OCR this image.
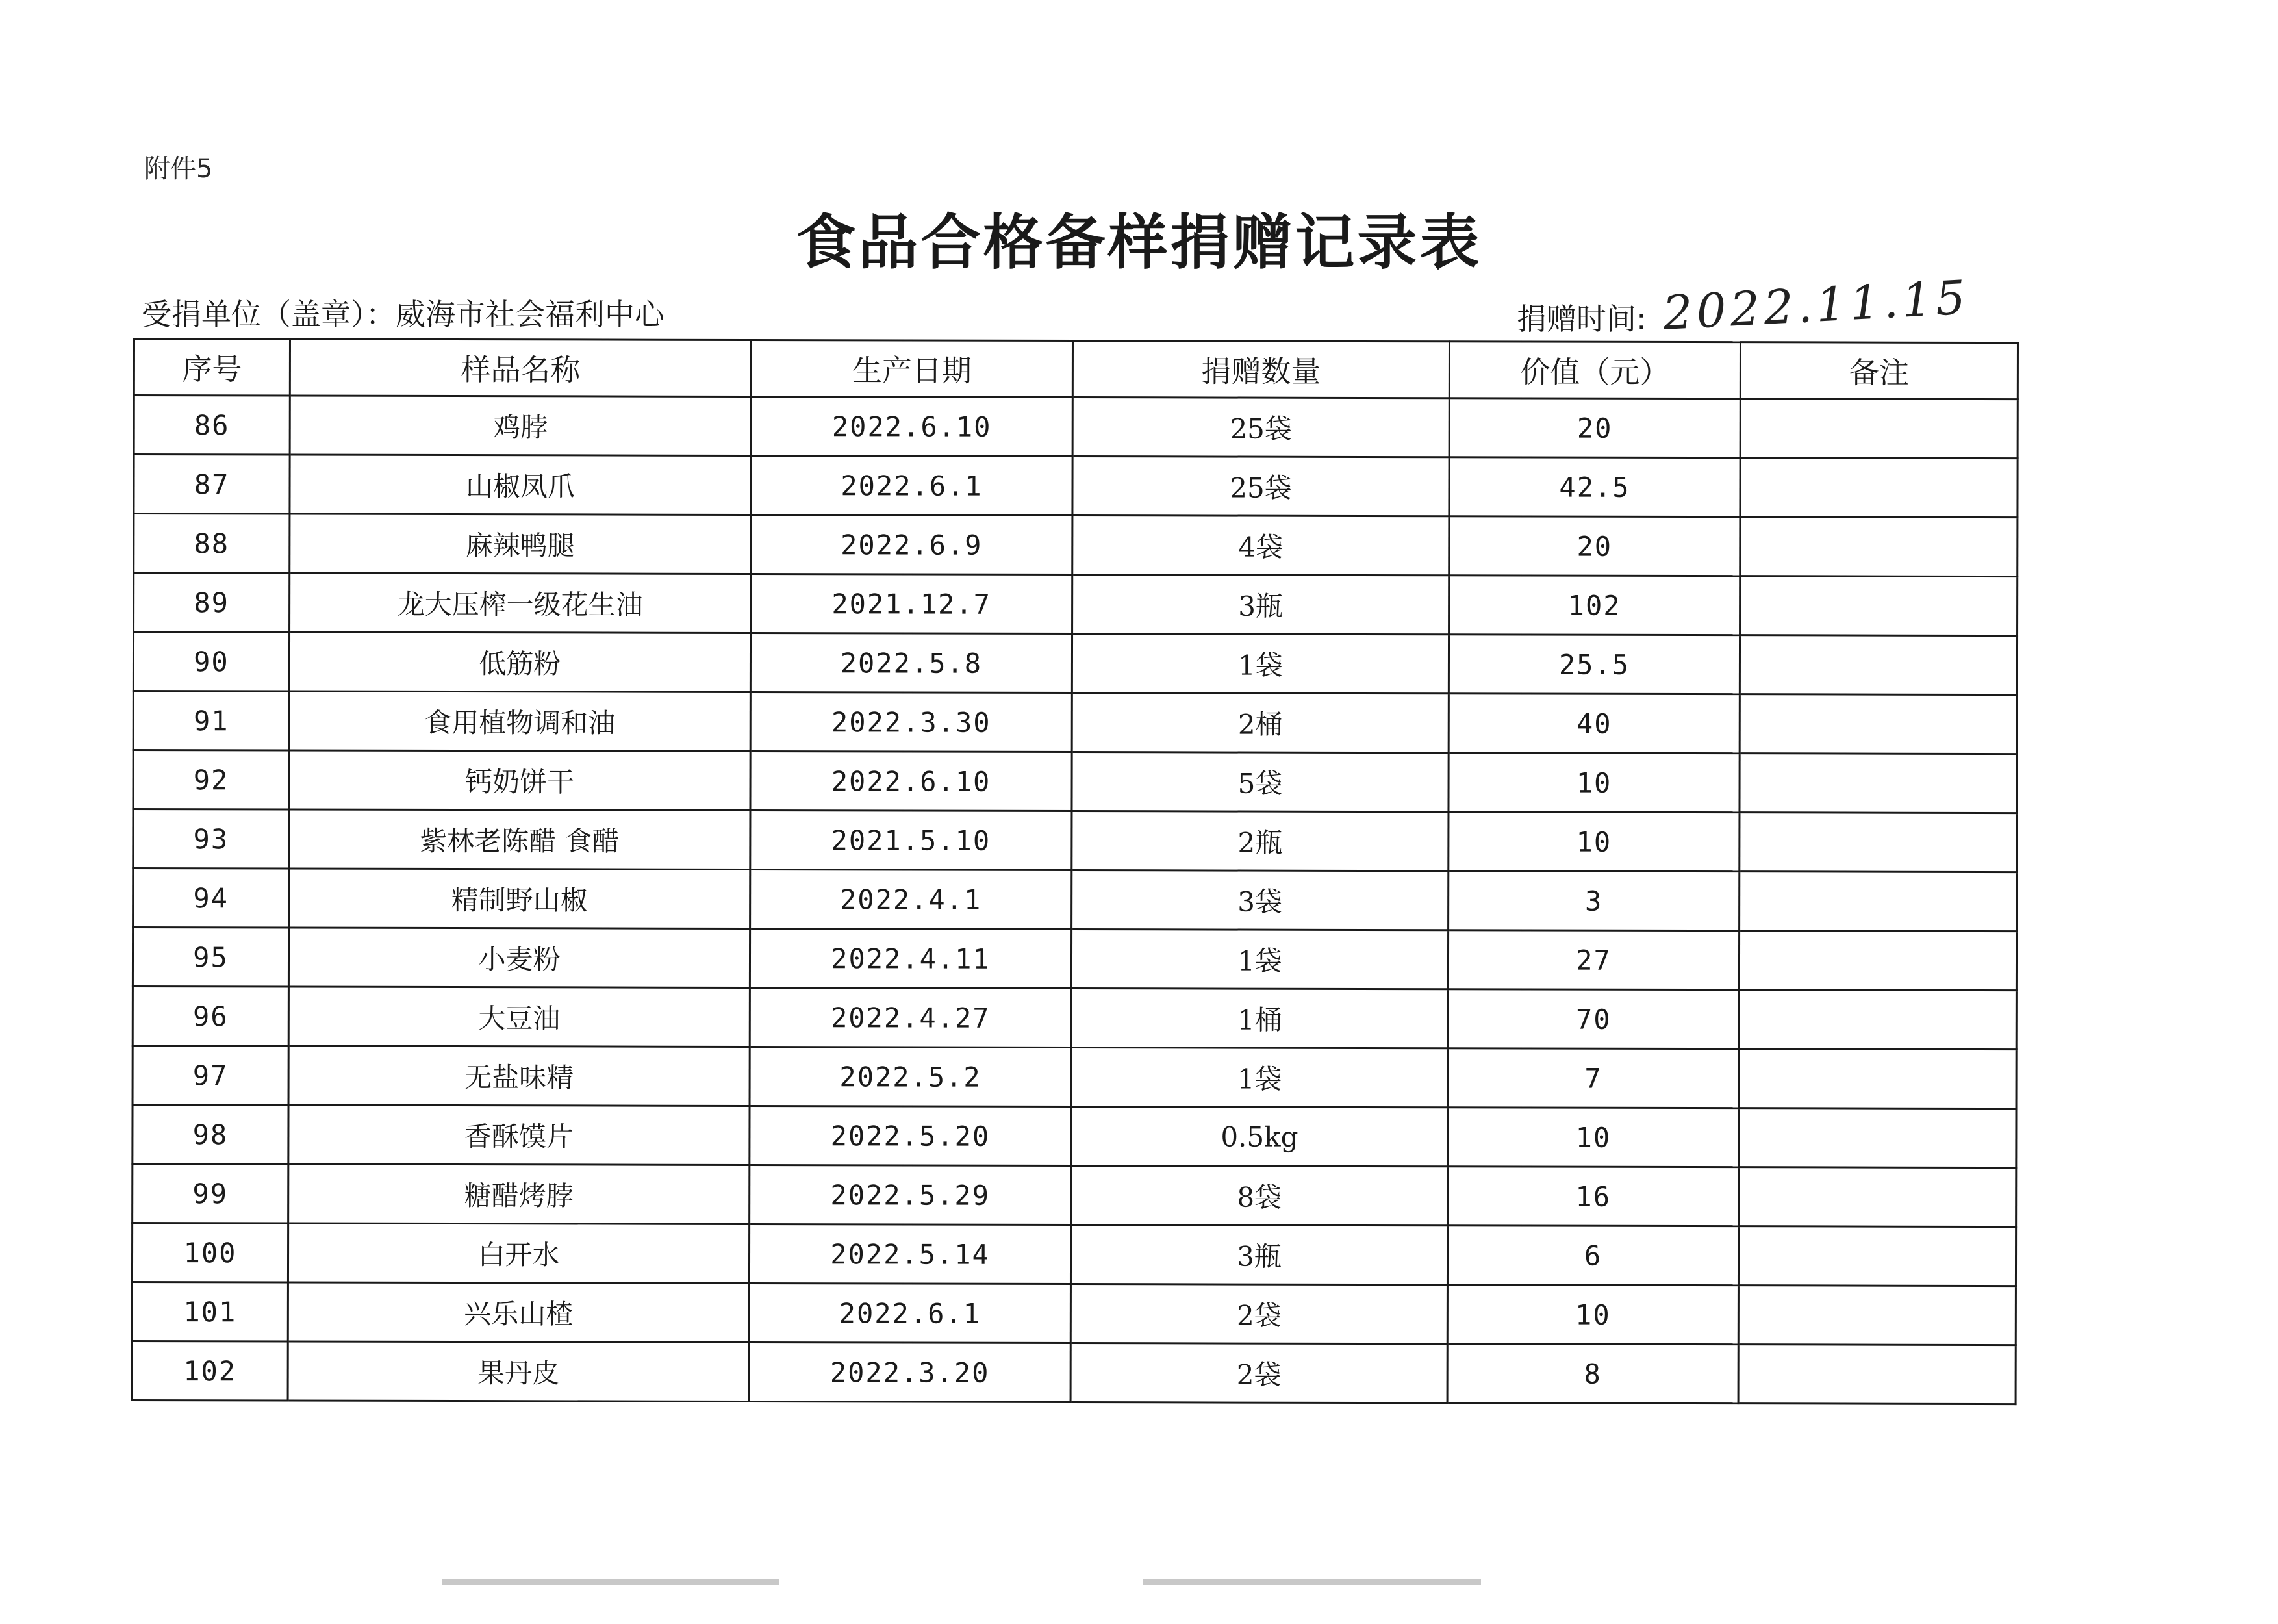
附件5
食品合格备样捐赠记录表
受捐单位（盖章）：威海市社会福利中心	捐赠时间: 2022.11.15
序号	样品名称	生产日期	捐赠数量	价值（元）	备注
86	鸡脖	2022.6.10	25袋	20	
87	山椒凤爪	2022.6.1	25袋	42.5	
88	麻辣鸭腿	2022.6.9	4袋	20	
89	龙大压榨一级花生油	2021.12.7	3瓶	102	
90	低筋粉	2022.5.8	1袋	25.5	
91	食用植物调和油	2022.3.30	2桶	40	
92	钙奶饼干	2022.6.10	5袋	10	
93	紫林老陈醋 食醋	2021.5.10	2瓶	10	
94	精制野山椒	2022.4.1	3袋	3	
95	小麦粉	2022.4.11	1袋	27	
96	大豆油	2022.4.27	1桶	70	
97	无盐味精	2022.5.2	1袋	7	
98	香酥馍片	2022.5.20	0.5kg	10	
99	糖醋烤脖	2022.5.29	8袋	16	
100	白开水	2022.5.14	3瓶	6	
101	兴乐山楂	2022.6.1	2袋	10	
102	果丹皮	2022.3.20	2袋	8	
